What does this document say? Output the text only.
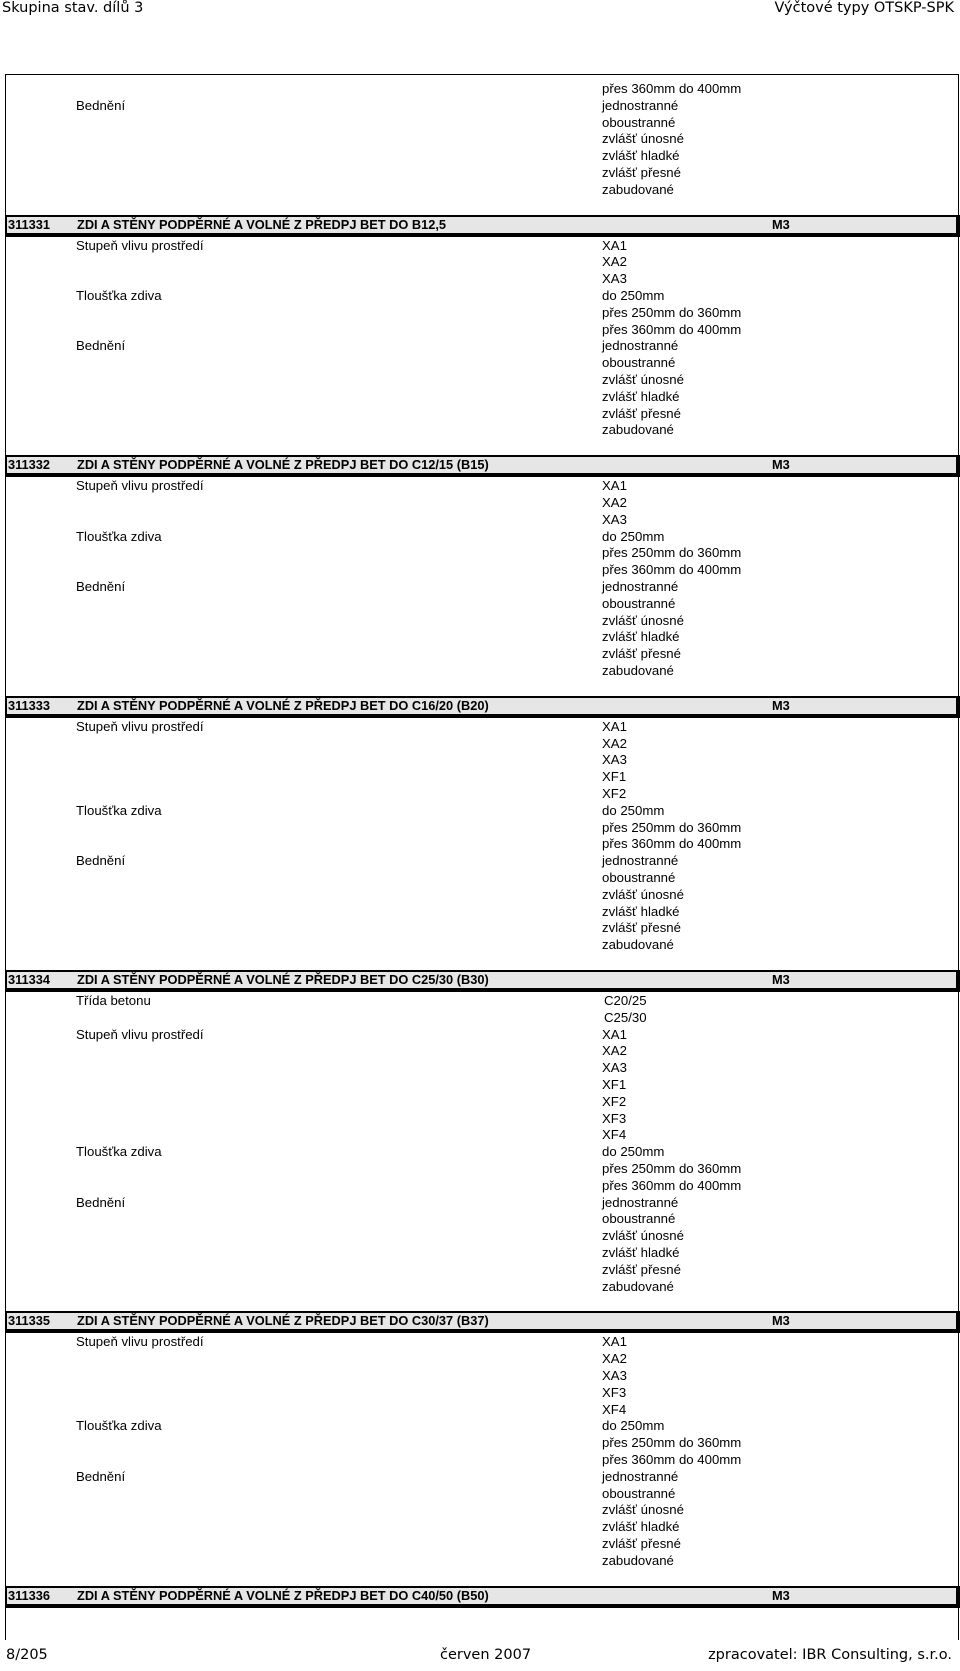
Skupina stav. dílů 3	Výčtové typy OTSKP-SPK
přes 360mm do 400mm
Bednění	jednostranné
oboustranné
zvlášť únosné
zvlášť hladké
zvlášť přesné
zabudované
311331 ZDI A STĚNY PODPĚRNÉ A VOLNÉ Z PŘEDPJ BET DO B12,5	M3
Stupeň vlivu prostředí	XA1
XA2
XA3
Tloušťka zdiva	do 250mm
přes 250mm do 360mm
přes 360mm do 400mm
Bednění	jednostranné
oboustranné
zvlášť únosné
zvlášť hladké
zvlášť přesné
zabudované
311332 ZDI A STĚNY PODPĚRNÉ A VOLNÉ Z PŘEDPJ BET DO C12/15 (B15)	M3
Stupeň vlivu prostředí	XA1
XA2
XA3
Tloušťka zdiva	do 250mm
přes 250mm do 360mm
přes 360mm do 400mm
Bednění	jednostranné
oboustranné
zvlášť únosné
zvlášť hladké
zvlášť přesné
zabudované
311333 ZDI A STĚNY PODPĚRNÉ A VOLNÉ Z PŘEDPJ BET DO C16/20 (B20)	M3
Stupeň vlivu prostředí	XA1
XA2
XA3
XF1
XF2
Tloušťka zdiva	do 250mm
přes 250mm do 360mm
přes 360mm do 400mm
Bednění	jednostranné
oboustranné
zvlášť únosné
zvlášť hladké
zvlášť přesné
zabudované
311334 ZDI A STĚNY PODPĚRNÉ A VOLNÉ Z PŘEDPJ BET DO C25/30 (B30)	M3
Třída betonu	C20/25
C25/30
Stupeň vlivu prostředí	XA1
XA2
XA3
XF1
XF2
XF3
XF4
Tloušťka zdiva	do 250mm
přes 250mm do 360mm
přes 360mm do 400mm
Bednění	jednostranné
oboustranné
zvlášť únosné
zvlášť hladké
zvlášť přesné
zabudované
311335 ZDI A STĚNY PODPĚRNÉ A VOLNÉ Z PŘEDPJ BET DO C30/37 (B37)	M3
Stupeň vlivu prostředí	XA1
XA2
XA3
XF3
XF4
Tloušťka zdiva	do 250mm
přes 250mm do 360mm
přes 360mm do 400mm
Bednění	jednostranné
oboustranné
zvlášť únosné
zvlášť hladké
zvlášť přesné
zabudované
311336 ZDI A STĚNY PODPĚRNÉ A VOLNÉ Z PŘEDPJ BET DO C40/50 (B50)	M3
8/205	červen 2007	zpracovatel: IBR Consulting, s.r.o.
